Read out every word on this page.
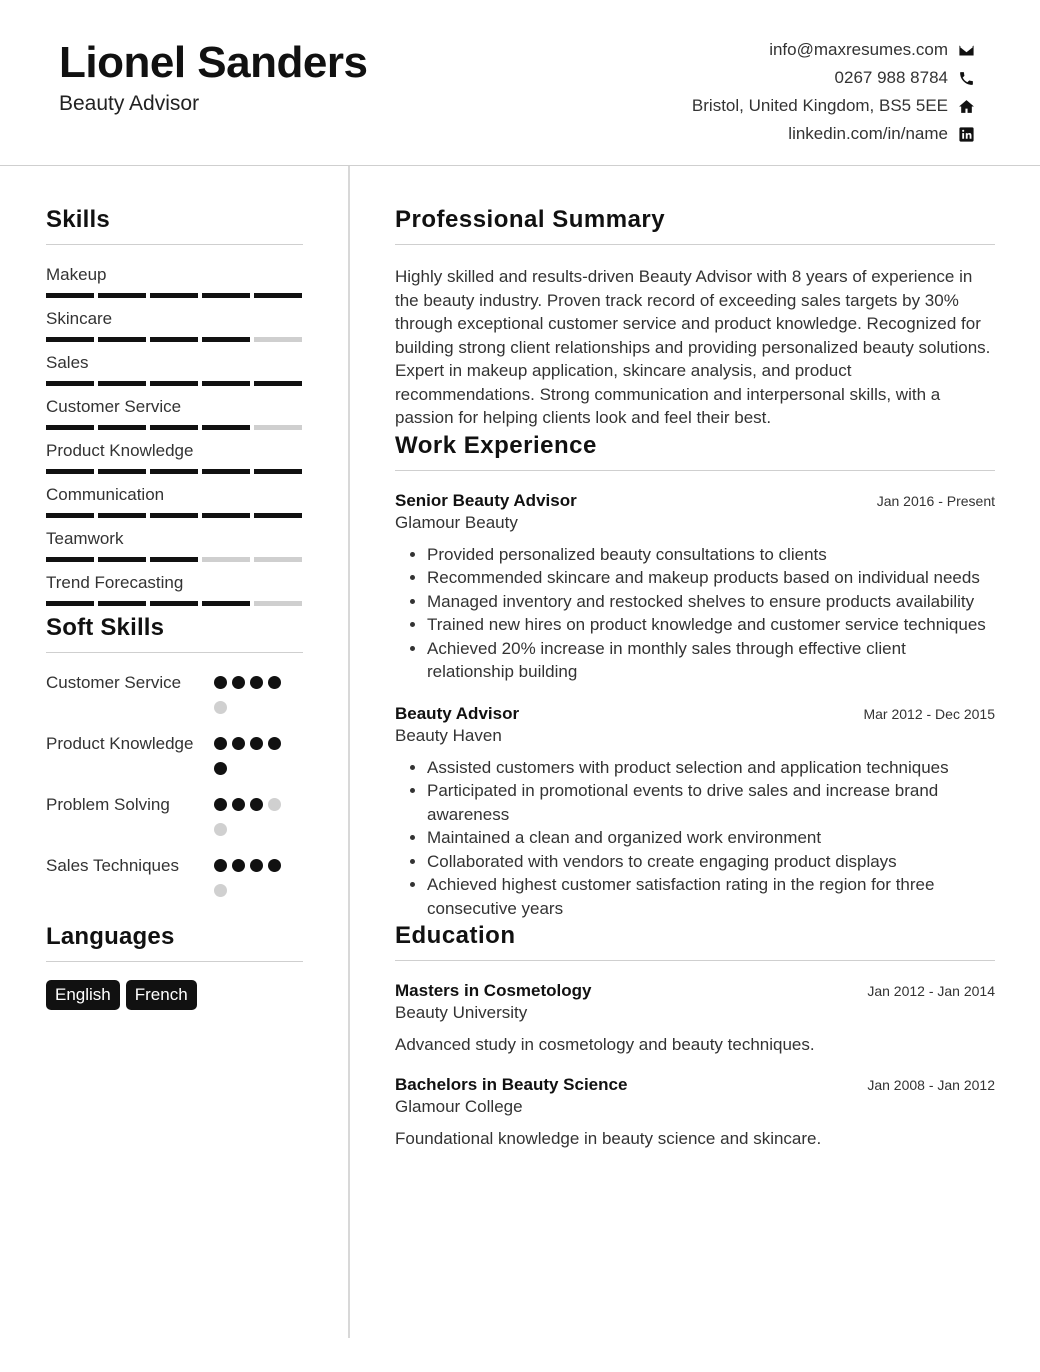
Lionel Sanders
Beauty Advisor
info@maxresumes.com
0267 988 8784
Bristol, United Kingdom, BS5 5EE
linkedin.com/in/name
Skills
Makeup
Skincare
Sales
Customer Service
Product Knowledge
Communication
Teamwork
Trend Forecasting
Soft Skills
Customer Service
Product Knowledge
Problem Solving
Sales Techniques
Languages
English	French
Professional Summary

Highly skilled and results-driven Beauty Advisor with 8 years of experience in the beauty industry. Proven track record of exceeding sales targets by 30% through exceptional customer service and product knowledge. Recognized for building strong client relationships and providing personalized beauty solutions. Expert in makeup application, skincare analysis, and product recommendations. Strong communication and interpersonal skills, with a passion for helping clients look and feel their best.

Work Experience
Senior Beauty Advisor	Jan 2016 - Present
Glamour Beauty
• Provided personalized beauty consultations to clients
• Recommended skincare and makeup products based on individual needs
• Managed inventory and restocked shelves to ensure products availability
• Trained new hires on product knowledge and customer service techniques
• Achieved 20% increase in monthly sales through effective client relationship building
Beauty Advisor	Mar 2012 - Dec 2015
Beauty Haven
• Assisted customers with product selection and application techniques
• Participated in promotional events to drive sales and increase brand awareness
• Maintained a clean and organized work environment
• Collaborated with vendors to create engaging product displays
• Achieved highest customer satisfaction rating in the region for three consecutive years
Education
Masters in Cosmetology	Jan 2012 - Jan 2014
Beauty University
Advanced study in cosmetology and beauty techniques.
Bachelors in Beauty Science	Jan 2008 - Jan 2012
Glamour College
Foundational knowledge in beauty science and skincare.
